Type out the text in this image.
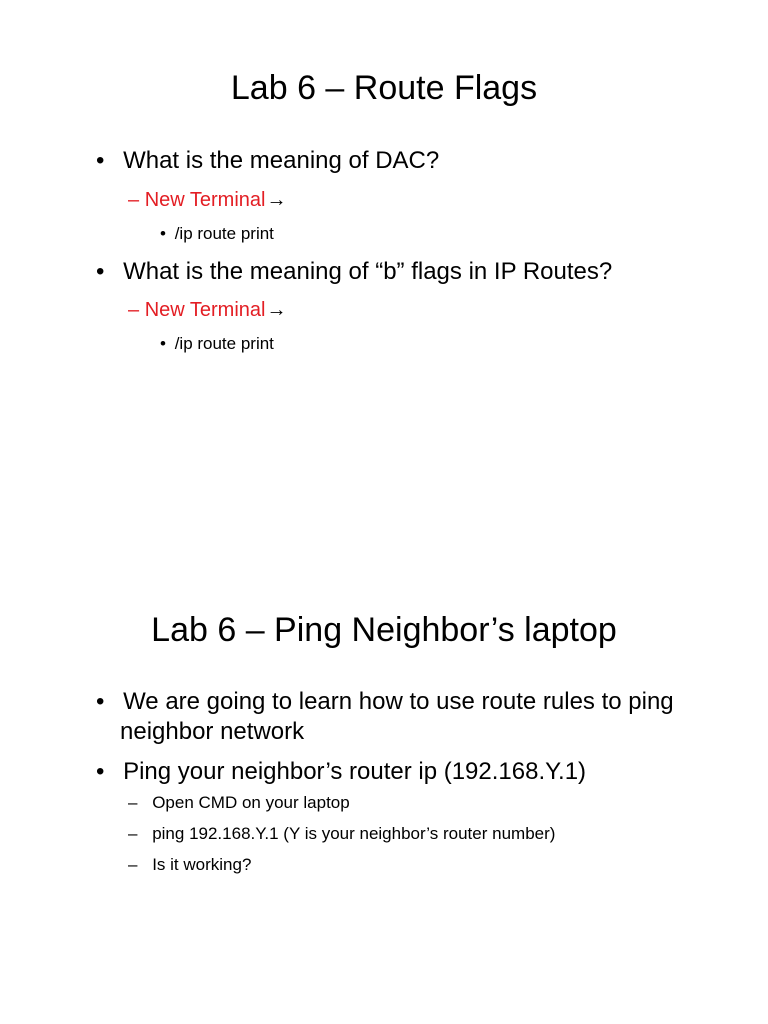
Lab 6 – Route Flags
• What is the meaning of DAC?
– New Terminal→
• /ip route print
• What is the meaning of “b” flags in IP Routes?
– New Terminal→
• /ip route print
Lab 6 – Ping Neighbor’s laptop
• We are going to learn how to use route rules to ping
neighbor network
• Ping your neighbor’s router ip (192.168.Y.1)
– Open CMD on your laptop
– ping 192.168.Y.1 (Y is your neighbor’s router number)
– Is it working?
